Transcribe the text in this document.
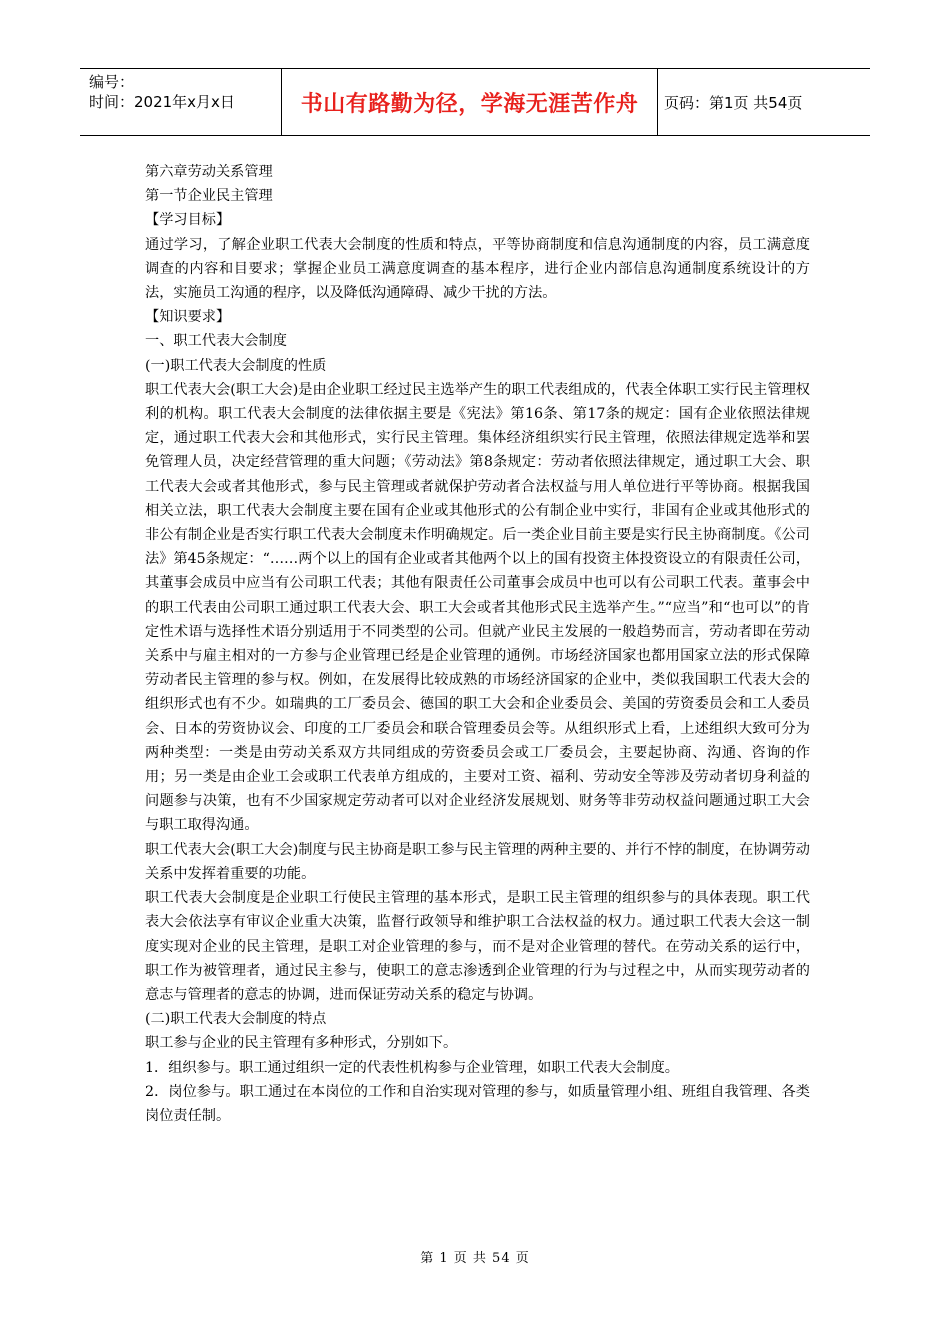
编号：
时间：2021年x月x日	书山有路勤为径，学海无涯苦作舟 页码：第1页 共54页

第六章劳动关系管理

第一节企业民主管理

【学习目标】

通过学习，了解企业职工代表大会制度的性质和特点，平等协商制度和信息沟通制度的内容，员工满意度调查的内容和目要求；掌握企业员工满意度调查的基本程序，进行企业内部信息沟通制度系统设计的方法，实施员工沟通的程序，以及降低沟通障碍、减少干扰的方法。

【知识要求】

一、职工代表大会制度

(一)职工代表大会制度的性质

职工代表大会(职工大会)是由企业职工经过民主选举产生的职工代表组成的，代表全体职工实行民主管理权利的机构。职工代表大会制度的法律依据主要是《宪法》第16条、第17条的规定：国有企业依照法律规定，通过职工代表大会和其他形式，实行民主管理。集体经济组织实行民主管理，依照法律规定选举和罢免管理人员，决定经营管理的重大问题；《劳动法》第8条规定：劳动者依照法律规定，通过职工大会、职工代表大会或者其他形式，参与民主管理或者就保护劳动者合法权益与用人单位进行平等协商。根据我国相关立法，职工代表大会制度主要在国有企业或其他形式的公有制企业中实行，非国有企业或其他形式的非公有制企业是否实行职工代表大会制度未作明确规定。后一类企业目前主要是实行民主协商制度。《公司法》第45条规定：“……两个以上的国有企业或者其他两个以上的国有投资主体投资设立的有限责任公司，其董事会成员中应当有公司职工代表；其他有限责任公司董事会成员中也可以有公司职工代表。董事会中的职工代表由公司职工通过职工代表大会、职工大会或者其他形式民主选举产生。”“应当”和“也可以”的肯定性术语与选择性术语分别适用于不同类型的公司。但就产业民主发展的一般趋势而言，劳动者即在劳动关系中与雇主相对的一方参与企业管理已经是企业管理的通例。市场经济国家也都用国家立法的形式保障劳动者民主管理的参与权。例如，在发展得比较成熟的市场经济国家的企业中，类似我国职工代表大会的组织形式也有不少。如瑞典的工厂委员会、德国的职工大会和企业委员会、美国的劳资委员会和工人委员会、日本的劳资协议会、印度的工厂委员会和联合管理委员会等。从组织形式上看，上述组织大致可分为两种类型：一类是由劳动关系双方共同组成的劳资委员会或工厂委员会，主要起协商、沟通、咨询的作用；另一类是由企业工会或职工代表单方组成的，主要对工资、福利、劳动安全等涉及劳动者切身利益的问题参与决策，也有不少国家规定劳动者可以对企业经济发展规划、财务等非劳动权益问题通过职工大会与职工取得沟通。

职工代表大会(职工大会)制度与民主协商是职工参与民主管理的两种主要的、并行不悖的制度，在协调劳动关系中发挥着重要的功能。

职工代表大会制度是企业职工行使民主管理的基本形式，是职工民主管理的组织参与的具体表现。职工代表大会依法享有审议企业重大决策，监督行政领导和维护职工合法权益的权力。通过职工代表大会这一制度实现对企业的民主管理，是职工对企业管理的参与，而不是对企业管理的替代。在劳动关系的运行中，职工作为被管理者，通过民主参与，使职工的意志渗透到企业管理的行为与过程之中，从而实现劳动者的意志与管理者的意志的协调，进而保证劳动关系的稳定与协调。

(二)职工代表大会制度的特点

职工参与企业的民主管理有多种形式，分别如下。

1．组织参与。职工通过组织一定的代表性机构参与企业管理，如职工代表大会制度。

2．岗位参与。职工通过在本岗位的工作和自治实现对管理的参与，如质量管理小组、班组自我管理、各类岗位责任制。

第 1 页 共 54 页
